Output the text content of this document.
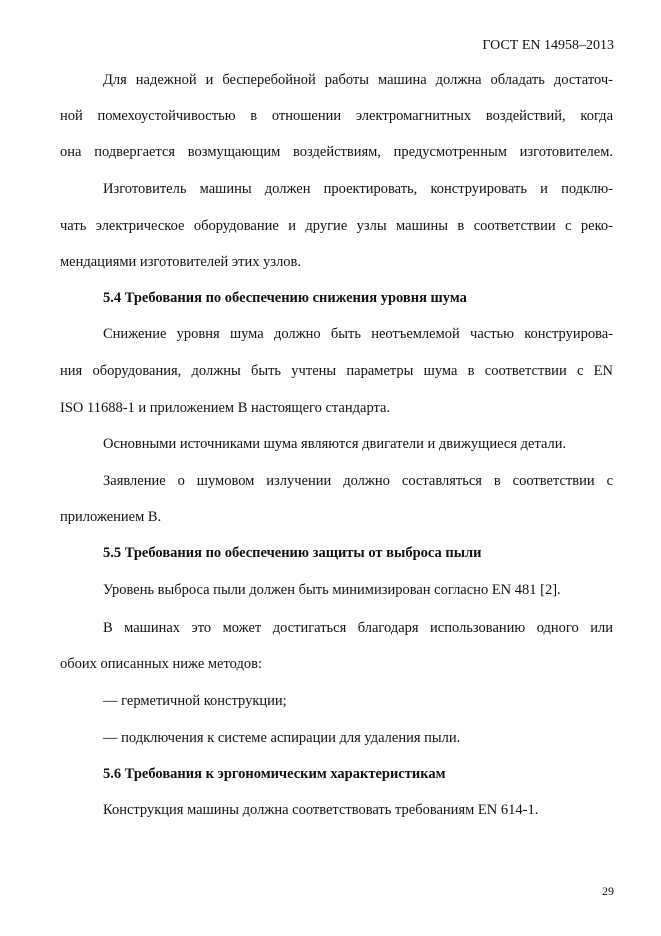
ГОСТ EN 14958–2013
Для надежной и бесперебойной работы машина должна обладать достаточ-
ной помехоустойчивостью в отношении электромагнитных воздействий, когда
она подвергается возмущающим воздействиям, предусмотренным изготовителем.
Изготовитель машины должен проектировать, конструировать и подклю-
чать электрическое оборудование и другие узлы машины в соответствии с реко-
мендациями изготовителей этих узлов.
5.4 Требования по обеспечению снижения уровня шума
Снижение уровня шума должно быть неотъемлемой частью конструирова-
ния оборудования, должны быть учтены параметры шума в соответствии с EN
ISO 11688-1 и приложением В настоящего стандарта.
Основными источниками шума являются двигатели и движущиеся детали.
Заявление о шумовом излучении должно составляться в соответствии с
приложением В.
5.5 Требования по обеспечению защиты от выброса пыли
Уровень выброса пыли должен быть минимизирован согласно EN 481 [2].
В машинах это может достигаться благодаря использованию одного или
обоих описанных ниже методов:
— герметичной конструкции;
— подключения к системе аспирации для удаления пыли.
5.6 Требования к эргономическим характеристикам
Конструкция машины должна соответствовать требованиям EN 614-1.
29
